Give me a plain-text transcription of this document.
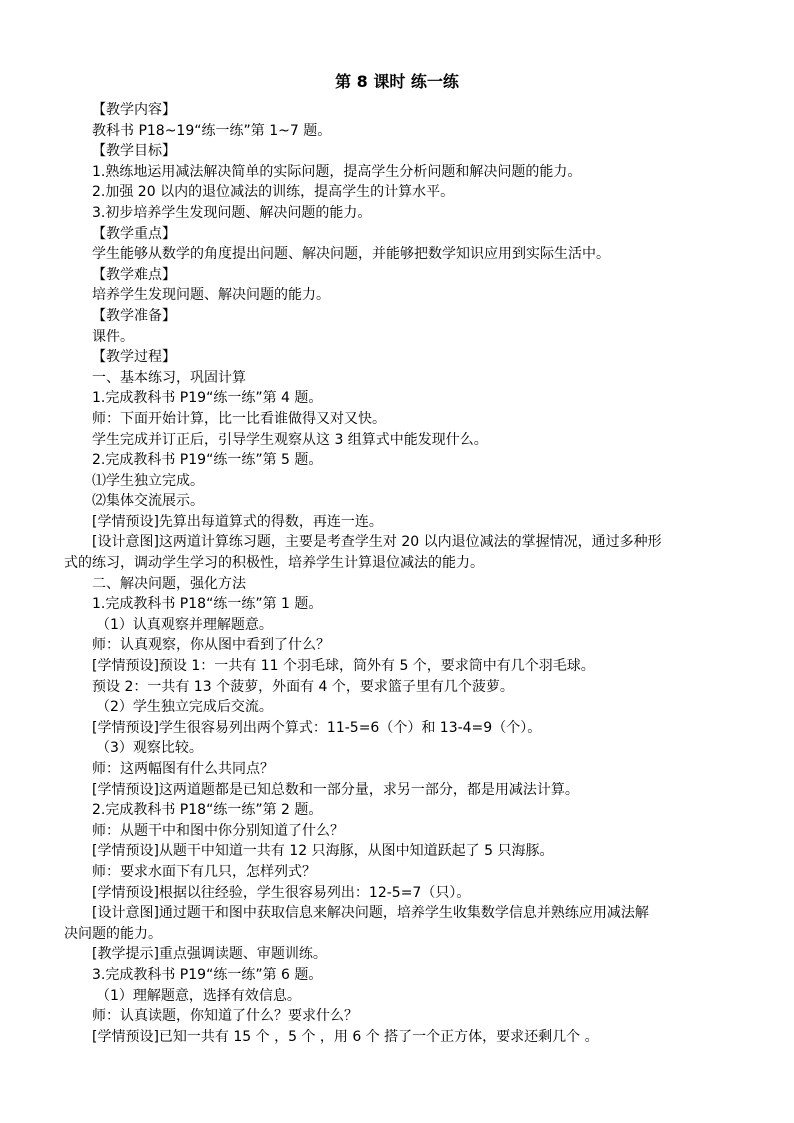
第 8 课时 练一练

【教学内容】

教科书 P18~19“练一练”第 1~7 题。

【教学目标】

1.熟练地运用减法解决简单的实际问题，提高学生分析问题和解决问题的能力。

2.加强 20 以内的退位减法的训练，提高学生的计算水平。

3.初步培养学生发现问题、解决问题的能力。

【教学重点】

学生能够从数学的角度提出问题、解决问题，并能够把数学知识应用到实际生活中。

【教学难点】

培养学生发现问题、解决问题的能力。

【教学准备】

课件。

【教学过程】

一、基本练习，巩固计算

1.完成教科书 P19“练一练”第 4 题。

师：下面开始计算，比一比看谁做得又对又快。

学生完成并订正后，引导学生观察从这 3 组算式中能发现什么。

2.完成教科书 P19“练一练”第 5 题。

⑴学生独立完成。

⑵集体交流展示。

[学情预设]先算出每道算式的得数，再连一连。

[设计意图]这两道计算练习题，主要是考查学生对 20 以内退位减法的掌握情况，通过多种形

式的练习，调动学生学习的积极性，培养学生计算退位减法的能力。

二、解决问题，强化方法

1.完成教科书 P18“练一练”第 1 题。

（1）认真观察并理解题意。

师：认真观察，你从图中看到了什么？

[学情预设]预设 1：一共有 11 个羽毛球，筒外有 5 个，要求筒中有几个羽毛球。

预设 2：一共有 13 个菠萝，外面有 4 个，要求篮子里有几个菠萝。

（2）学生独立完成后交流。

[学情预设]学生很容易列出两个算式：11-5=6（个）和 13-4=9（个）。

（3）观察比较。

师：这两幅图有什么共同点？

[学情预设]这两道题都是已知总数和一部分量，求另一部分，都是用减法计算。

2.完成教科书 P18“练一练”第 2 题。

师：从题干中和图中你分别知道了什么？

[学情预设]从题干中知道一共有 12 只海豚，从图中知道跃起了 5 只海豚。

师：要求水面下有几只，怎样列式？

[学情预设]根据以往经验，学生很容易列出：12-5=7（只）。

[设计意图]通过题干和图中获取信息来解决问题，培养学生收集数学信息并熟练应用减法解

决问题的能力。

[教学提示]重点强调读题、审题训练。

3.完成教科书 P19“练一练”第 6 题。

（1）理解题意，选择有效信息。

师：认真读题，你知道了什么？要求什么？

[学情预设]已知一共有 15 个 ，5 个 ，用 6 个 搭了一个正方体，要求还剩几个 。
